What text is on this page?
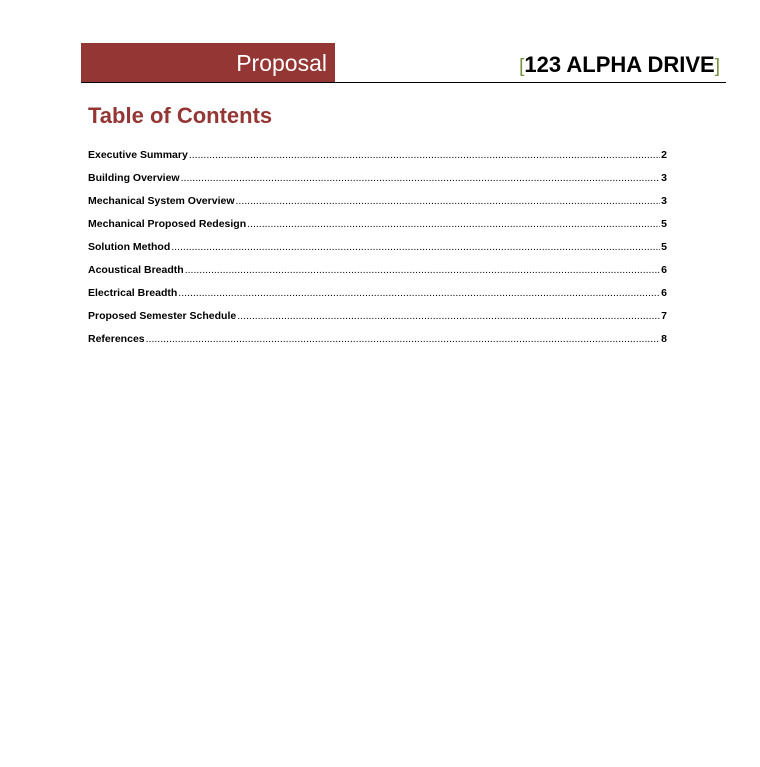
Proposal	[123 ALPHA DRIVE]
Table of Contents
Executive Summary .....	2
Building Overview .....	3
Mechanical System Overview .....	3
Mechanical Proposed Redesign .....	5
Solution Method .....	5
Acoustical Breadth .....	6
Electrical Breadth .....	6
Proposed Semester Schedule .....	7
References .....	8
